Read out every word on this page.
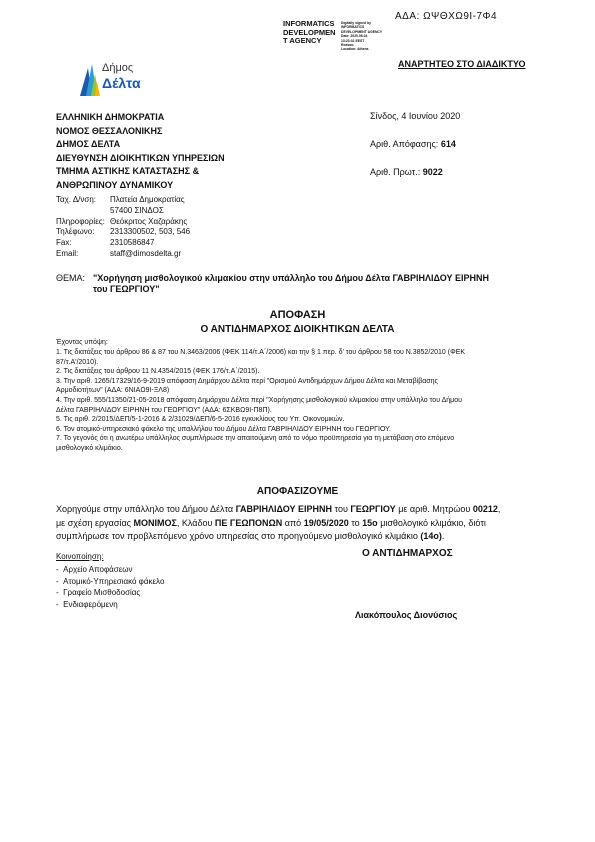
ΑΔΑ: ΩΨΘΧΩ9Ι-7Φ4
INFORMATICS
DEVELOPMEN
T AGENCY
Digitally signed by
INFORMATICS
DEVELOPMENT AGENCY
Date: 2020.06.04
13:23:31 EEST
Reason:
Location: Athens
ΑΝΑΡΤΗΤΕΟ ΣΤΟ ΔΙΑΔΙΚΤΥΟ
Δήμος
Δέλτα
ΕΛΛΗΝΙΚΗ ΔΗΜΟΚΡΑΤΙΑ
ΝΟΜΟΣ ΘΕΣΣΑΛΟΝΙΚΗΣ
ΔΗΜΟΣ ΔΕΛΤΑ
ΔΙΕΥΘΥΝΣΗ ΔΙΟΙΚΗΤΙΚΩΝ ΥΠΗΡΕΣΙΩΝ
ΤΜΗΜΑ ΑΣΤΙΚΗΣ ΚΑΤΑΣΤΑΣΗΣ &
ΑΝΘΡΩΠΙΝΟΥ ΔΥΝΑΜΙΚΟΥ
Σίνδος, 4 Ιουνίου 2020
Αριθ. Απόφασης: 614
Αριθ. Πρωτ.: 9022
Ταχ. Δ/νση:	Πλατεία Δημοκρατίας
	57400 ΣΙΝΔΟΣ
Πληροφορίες:	Θεόκριτος Χαζαράκης
Τηλέφωνο:	2313300502, 503, 546
Fax:	2310586847
Email:	staff@dimosdelta.gr
ΘΕΜΑ: "Χορήγηση μισθολογικού κλιμακίου στην υπάλληλο του Δήμου Δέλτα ΓΑΒΡΙΗΛΙΔΟΥ ΕΙΡΗΝΗ
του ΓΕΩΡΓΙΟΥ"
ΑΠΟΦΑΣΗ
Ο ΑΝΤΙΔΗΜΑΡΧΟΣ ΔΙΟΙΚΗΤΙΚΩΝ ΔΕΛΤΑ
Έχοντας υπόψη:
1. Τις διατάξεις του άρθρου 86 & 87 του Ν.3463/2006 (ΦΕΚ 114/τ.Α΄/2006) και την § 1 περ. δ' του άρθρου 58 του Ν.3852/2010 (ΦΕΚ
87/τ.Α'/2010).
2. Τις διατάξεις του άρθρου 11 Ν.4354/2015 (ΦΕΚ 176/τ.Α΄/2015).
3. Την αριθ. 1265/17329/16-9-2019 απόφαση Δημάρχου Δέλτα περί "Ορισμού Αντιδημάρχων Δήμου Δέλτα και Μεταβίβασης
Αρμοδιοτήτων" (ΑΔΑ: 6ΝΙΑΩ9Ι-ΞΛ8)
4. Την αριθ. 555/11350/21-05-2018 απόφαση Δημάρχου Δέλτα περί "Χορήγησης μισθολογικού κλιμακίου στην υπάλληλο του Δήμου
Δέλτα ΓΑΒΡΙΗΛΙΔΟΥ ΕΙΡΗΝΗ του ΓΕΩΡΓΙΟΥ" (ΑΔΑ: 6ΣΚΒΩ9Ι-Π8Π).
5. Τις αριθ. 2/2015/ΔΕΠ/5-1-2016 & 2/31029/ΔΕΠ/6-5-2016 εγκυκλίους του Υπ. Οικονομικών.
6. Τον ατομικό-υπηρεσιακό φάκελο της υπαλλήλου του Δήμου Δέλτα ΓΑΒΡΙΗΛΙΔΟΥ ΕΙΡΗΝΗ του ΓΕΩΡΓΙΟΥ.
7. Το γεγονός ότι η ανωτέρω υπάλληλος συμπλήρωσε την απαιτούμενη από το νόμο προϋπηρεσία για τη μετάβαση στο επόμενο
μισθολογικό κλιμάκιο.
ΑΠΟΦΑΣΙΖΟΥΜΕ
Χορηγούμε στην υπάλληλο του Δήμου Δέλτα ΓΑΒΡΙΗΛΙΔΟΥ ΕΙΡΗΝΗ του ΓΕΩΡΓΙΟΥ με αριθ. Μητρώου 00212,
με σχέση εργασίας ΜΟΝΙΜΟΣ, Κλάδου ΠΕ ΓΕΩΠΟΝΩΝ από 19/05/2020 το 15ο μισθολογικό κλιμάκιο, διότι
συμπλήρωσε τον προβλεπόμενο χρόνο υπηρεσίας στο προηγούμενο μισθολογικό κλιμάκιο (14ο).
Κοινοποίηση:
-  Αρχείο Αποφάσεων
-  Ατομικό-Υπηρεσιακό φάκελο
-  Γραφείο Μισθοδοσίας
-  Ενδιαφερόμενη
Ο ΑΝΤΙΔΗΜΑΡΧΟΣ
Λιακόπουλος Διονύσιος
